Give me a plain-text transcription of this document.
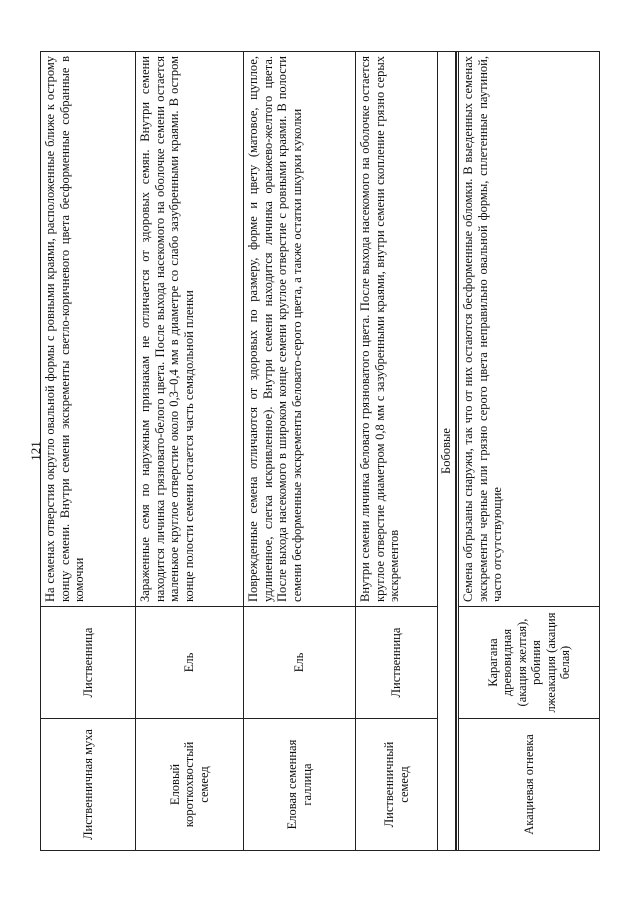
121
Лиственничная муха	Лиственница	На семенах отверстия округло овальной формы с ровными краями, расположенные ближе к острому концу семени. Внутри семени экскременты светло-коричневого цвета бесформенные собранные в комочки
Еловый короткохвостый семеед	Ель	Зараженные семя по наружным признакам не отличается от здоровых семян. Внутри семени находится личинка грязновато-белого цвета. После выхода насекомого на оболочке семени остается маленькое круглое отверстие около 0,3–0,4 мм в диаметре со слабо зазубренными краями. В остром конце полости семени остается часть семядольной пленки
Еловая семенная галлица	Ель	Поврежденные семена отличаются от здоровых по размеру, форме и цвету (матовое, щуплое, удлиненное, слегка искривленное). Внутри семени находится личинка оранжево-желтого цвета. После выхода насекомого в широком конце семени круглое отверстие с ровными краями. В полости семени бесформенные экскременты беловато-серого цвета, а также остатки шкурки куколки
Лиственничный семеед	Лиственница	Внутри семени личинка беловато грязноватого цвета. После выхода насекомого на оболочке остается круглое отверстие диаметром 0,8 мм с зазубренными краями, внутри семени скопление грязно серых экскрементов
Бобовые		

Акациевая огневка	Карагана древовидная (акация желтая), робиния лжеакация (акация белая)	Семена обгрызаны снаружи, так что от них остаются бесформенные обломки. В выеденных семенах экскременты черные или грязно серого цвета неправильно овальной формы, сплетенные паутиной, часто отсутствующие
